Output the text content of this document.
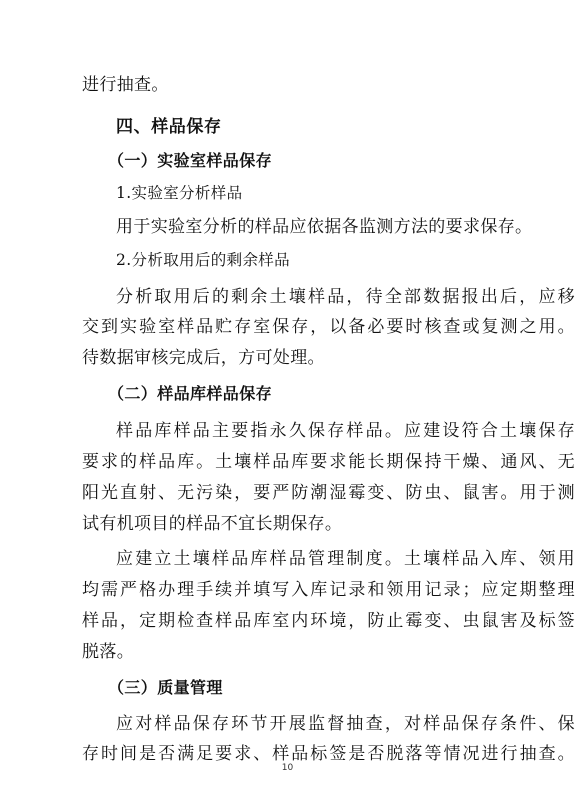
进行抽查。
四、样品保存
（一）实验室样品保存
1.实验室分析样品
用于实验室分析的样品应依据各监测方法的要求保存。
2.分析取用后的剩余样品
分析取用后的剩余土壤样品，待全部数据报出后，应移
交到实验室样品贮存室保存，以备必要时核查或复测之用。
待数据审核完成后，方可处理。
（二）样品库样品保存
样品库样品主要指永久保存样品。应建设符合土壤保存
要求的样品库。土壤样品库要求能长期保持干燥、通风、无
阳光直射、无污染，要严防潮湿霉变、防虫、鼠害。用于测
试有机项目的样品不宜长期保存。
应建立土壤样品库样品管理制度。土壤样品入库、领用
均需严格办理手续并填写入库记录和领用记录；应定期整理
样品，定期检查样品库室内环境，防止霉变、虫鼠害及标签
脱落。
（三）质量管理
应对样品保存环节开展监督抽查，对样品保存条件、保
存时间是否满足要求、样品标签是否脱落等情况进行抽查。
10
